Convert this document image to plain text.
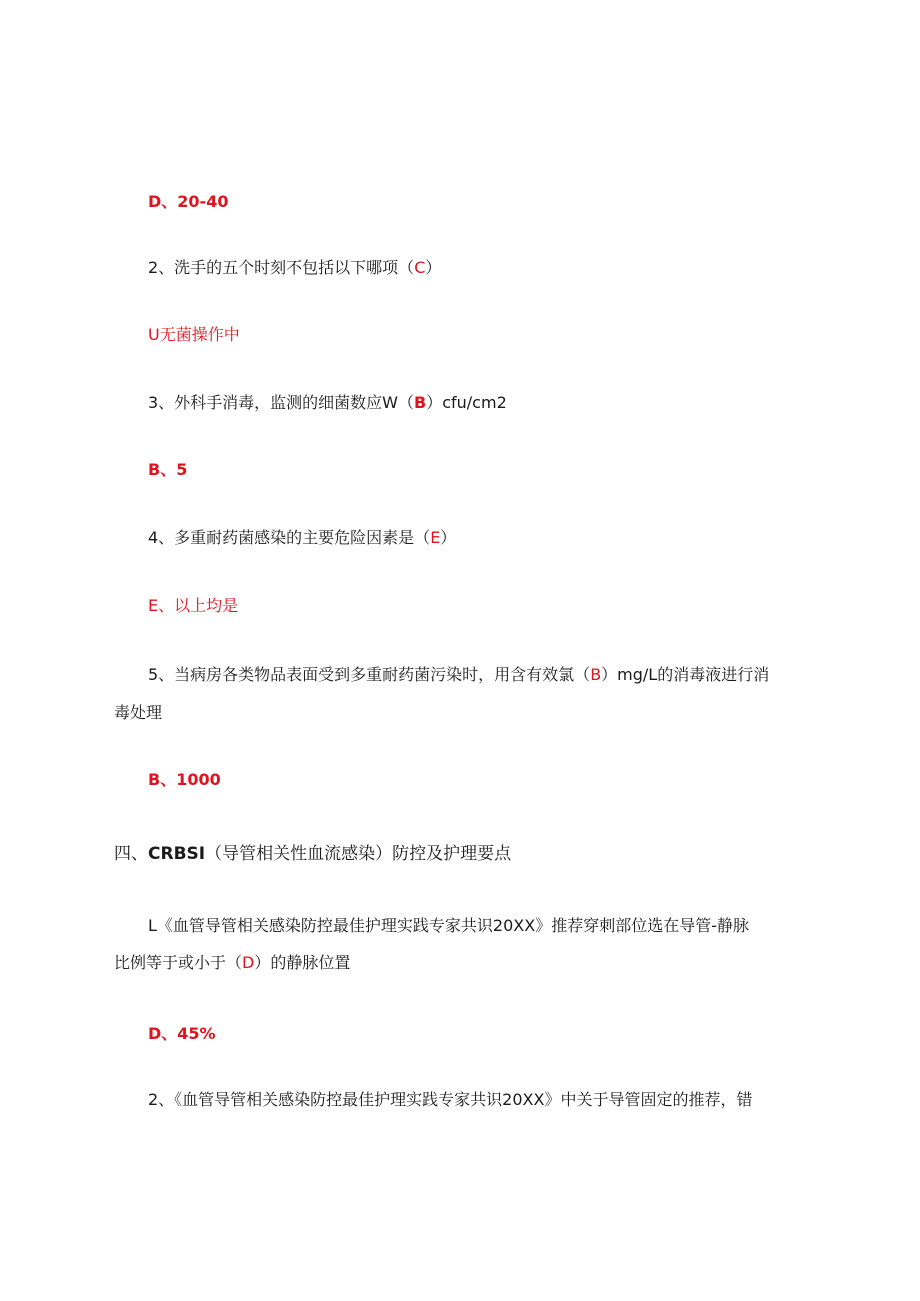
D、20-40
2、洗手的五个时刻不包括以下哪项（C）
U无菌操作中
3、外科手消毒，监测的细菌数应W（B）cfu∕cm2
B、5
4、多重耐药菌感染的主要危险因素是（E）
E、以上均是
5、当病房各类物品表面受到多重耐药菌污染时，用含有效氯（B）mg/L的消毒液进行消
毒处理
B、1000
四、CRBSI（导管相关性血流感染）防控及护理要点
L《血管导管相关感染防控最佳护理实践专家共识20XX》推荐穿刺部位选在导管-静脉
比例等于或小于（D）的静脉位置
D、45%
2、《血管导管相关感染防控最佳护理实践专家共识20XX》中关于导管固定的推荐，错
